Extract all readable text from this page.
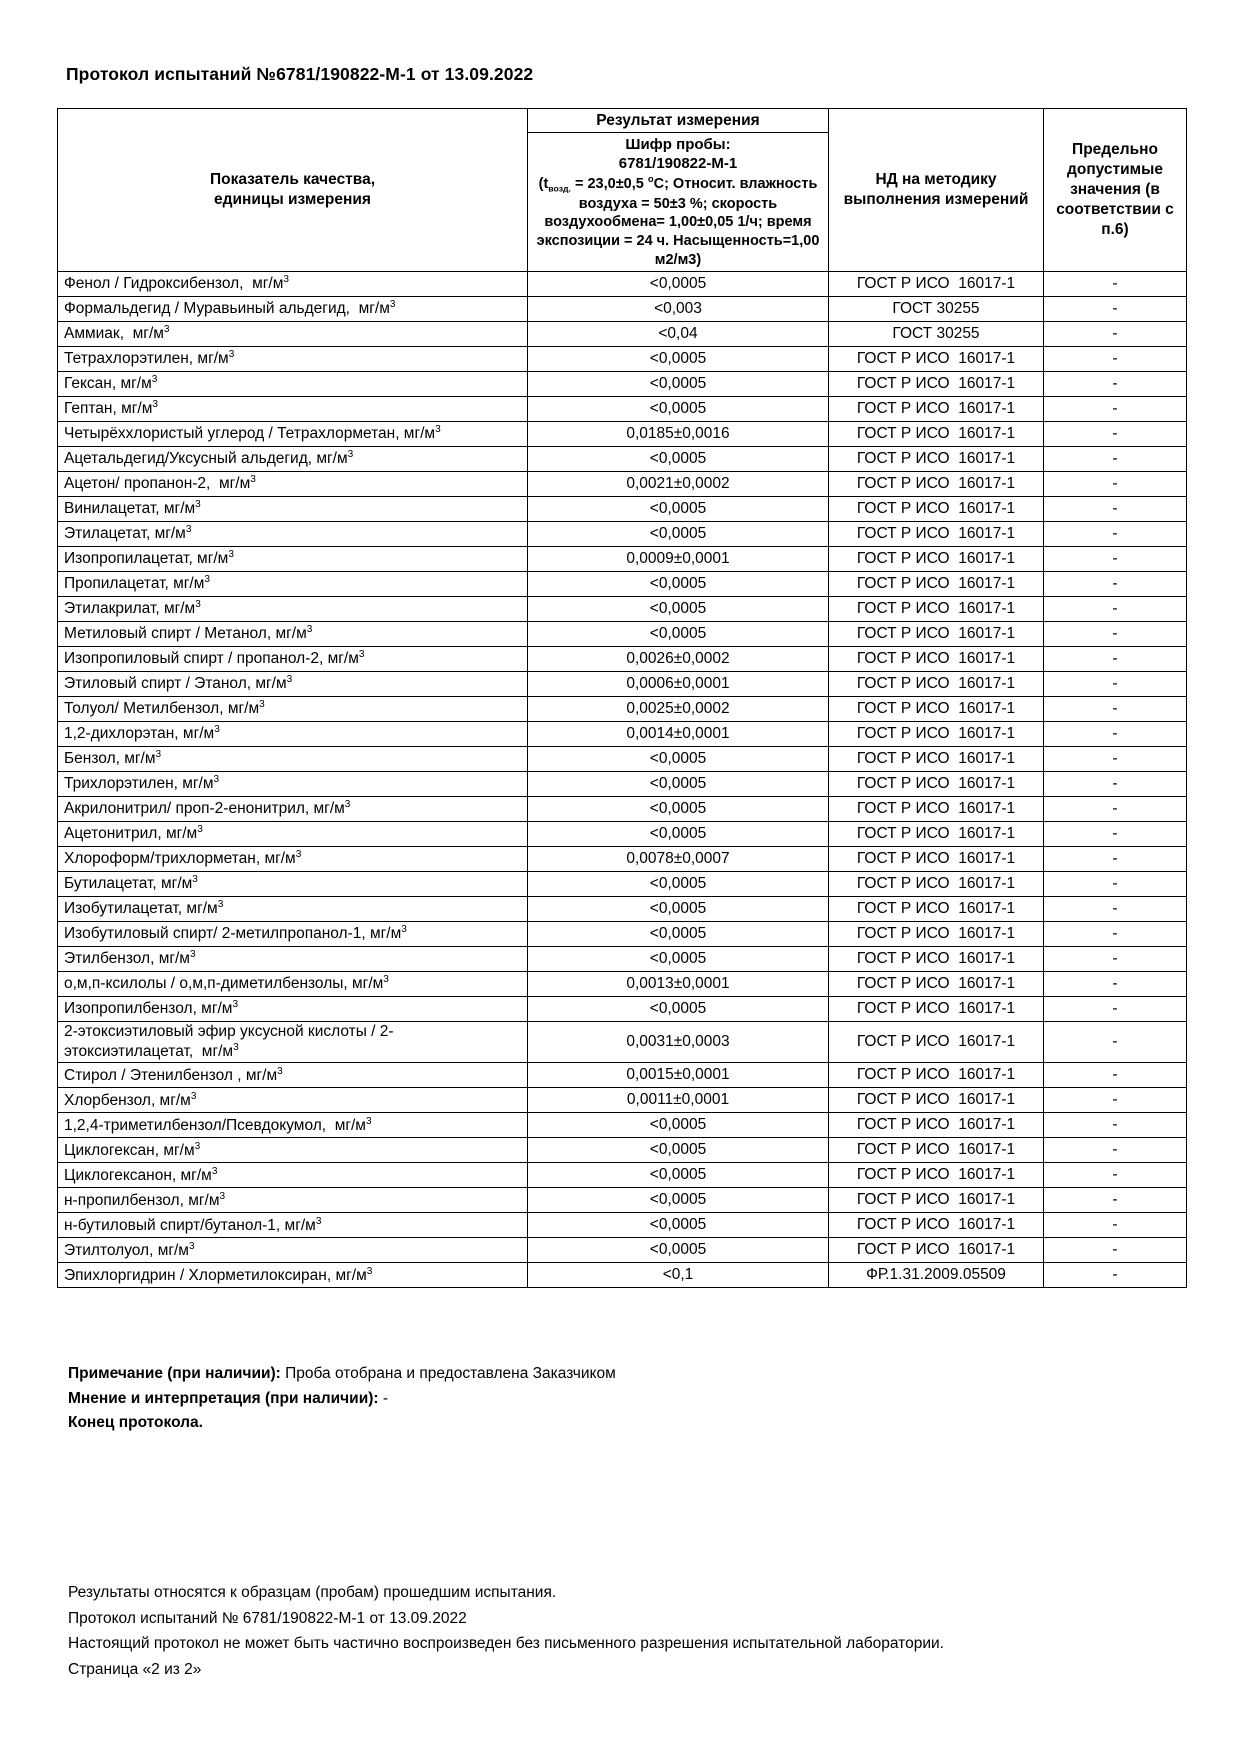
Протокол испытаний №6781/190822-М-1 от 13.09.2022
Показатель качества,
единицы измерения	Результат измерения	НД на методику выполнения измерений	Предельно допустимые значения (в соответствии с п.6)

	Шифр пробы:
6781/190822-М-1
($t_{возд.} = 23,0\pm 0,5$ $^о$С; Относит. влажность воздуха = 50±3 %; скорость воздухообмена= 1,00±0,05 1/ч; время экспозиции = 24 ч. Насыщенность=1,00 м2/м3)		

Фенол / Гидроксибензол,  $мг/м^3$	<0,0005	ГОСТ Р ИСО  16017-1	-
Формальдегид / Муравьиный альдегид,  $мг/м^3$	<0,003	ГОСТ 30255	-
Аммиак,  $мг/м^3$	<0,04	ГОСТ 30255	-
Тетрахлорэтилен, $мг/м^3$	<0,0005	ГОСТ Р ИСО  16017-1	-
Гексан, $мг/м^3$	<0,0005	ГОСТ Р ИСО  16017-1	-
Гептан, $мг/м^3$	<0,0005	ГОСТ Р ИСО  16017-1	-
Четырёххлористый углерод / Тетрахлорметан, $мг/м^3$	0,0185±0,0016	ГОСТ Р ИСО  16017-1	-
Ацетальдегид/Уксусный альдегид, $мг/м^3$	<0,0005	ГОСТ Р ИСО  16017-1	-
Ацетон/ пропанон-2,  $мг/м^3$	0,0021±0,0002	ГОСТ Р ИСО  16017-1	-
Винилацетат, $мг/м^3$	<0,0005	ГОСТ Р ИСО  16017-1	-
Этилацетат, $мг/м^3$	<0,0005	ГОСТ Р ИСО  16017-1	-
Изопропилацетат, $мг/м^3$	0,0009±0,0001	ГОСТ Р ИСО  16017-1	-
Пропилацетат, $мг/м^3$	<0,0005	ГОСТ Р ИСО  16017-1	-
Этилакрилат, $мг/м^3$	<0,0005	ГОСТ Р ИСО  16017-1	-
Метиловый спирт / Метанол, $мг/м^3$	<0,0005	ГОСТ Р ИСО  16017-1	-
Изопропиловый спирт / пропанол-2, $мг/м^3$	0,0026±0,0002	ГОСТ Р ИСО  16017-1	-
Этиловый спирт / Этанол, $мг/м^3$	0,0006±0,0001	ГОСТ Р ИСО  16017-1	-
Толуол/ Метилбензол, $мг/м^3$	0,0025±0,0002	ГОСТ Р ИСО  16017-1	-
1,2-дихлорэтан, $мг/м^3$	0,0014±0,0001	ГОСТ Р ИСО  16017-1	-
Бензол, $мг/м^3$	<0,0005	ГОСТ Р ИСО  16017-1	-
Трихлорэтилен, $мг/м^3$	<0,0005	ГОСТ Р ИСО  16017-1	-
Акрилонитрил/ проп-2-енонитрил, $мг/м^3$	<0,0005	ГОСТ Р ИСО  16017-1	-
Ацетонитрил, $мг/м^3$	<0,0005	ГОСТ Р ИСО  16017-1	-
Хлороформ/трихлорметан, $мг/м^3$	0,0078±0,0007	ГОСТ Р ИСО  16017-1	-
Бутилацетат, $мг/м^3$	<0,0005	ГОСТ Р ИСО  16017-1	-
Изобутилацетат, $мг/м^3$	<0,0005	ГОСТ Р ИСО  16017-1	-
Изобутиловый спирт/ 2-метилпропанол-1, $мг/м^3$	<0,0005	ГОСТ Р ИСО  16017-1	-
Этилбензол, $мг/м^3$	<0,0005	ГОСТ Р ИСО  16017-1	-
о,м,п-ксилолы / о,м,п-диметилбензолы, $мг/м^3$	0,0013±0,0001	ГОСТ Р ИСО  16017-1	-
Изопропилбензол, $мг/м^3$	<0,0005	ГОСТ Р ИСО  16017-1	-
2-этоксиэтиловый эфир уксусной кислоты / 2-этоксиэтилацетат,  $мг/м^3$	0,0031±0,0003	ГОСТ Р ИСО  16017-1	-
Стирол / Этенилбензол , $мг/м^3$	0,0015±0,0001	ГОСТ Р ИСО  16017-1	-
Хлорбензол, $мг/м^3$	0,0011±0,0001	ГОСТ Р ИСО  16017-1	-
1,2,4-триметилбензол/Псевдокумол,  $мг/м^3$	<0,0005	ГОСТ Р ИСО  16017-1	-
Циклогексан, $мг/м^3$	<0,0005	ГОСТ Р ИСО  16017-1	-
Циклогексанон, $мг/м^3$	<0,0005	ГОСТ Р ИСО  16017-1	-
н-пропилбензол, $мг/м^3$	<0,0005	ГОСТ Р ИСО  16017-1	-
н-бутиловый спирт/бутанол-1, $мг/м^3$	<0,0005	ГОСТ Р ИСО  16017-1	-
Этилтолуол, $мг/м^3$	<0,0005	ГОСТ Р ИСО  16017-1	-
Эпихлоргидрин / Хлорметилоксиран, $мг/м^3$	<0,1	ФР.1.31.2009.05509	-

Примечание (при наличии): Проба отобрана и предоставлена Заказчиком

Мнение и интерпретация (при наличии): -

Конец протокола.

Результаты относятся к образцам (пробам) прошедшим испытания.

Протокол испытаний № 6781/190822-М-1 от 13.09.2022

Настоящий протокол не может быть частично воспроизведен без письменного разрешения испытательной лаборатории.

Страница «2 из 2»
